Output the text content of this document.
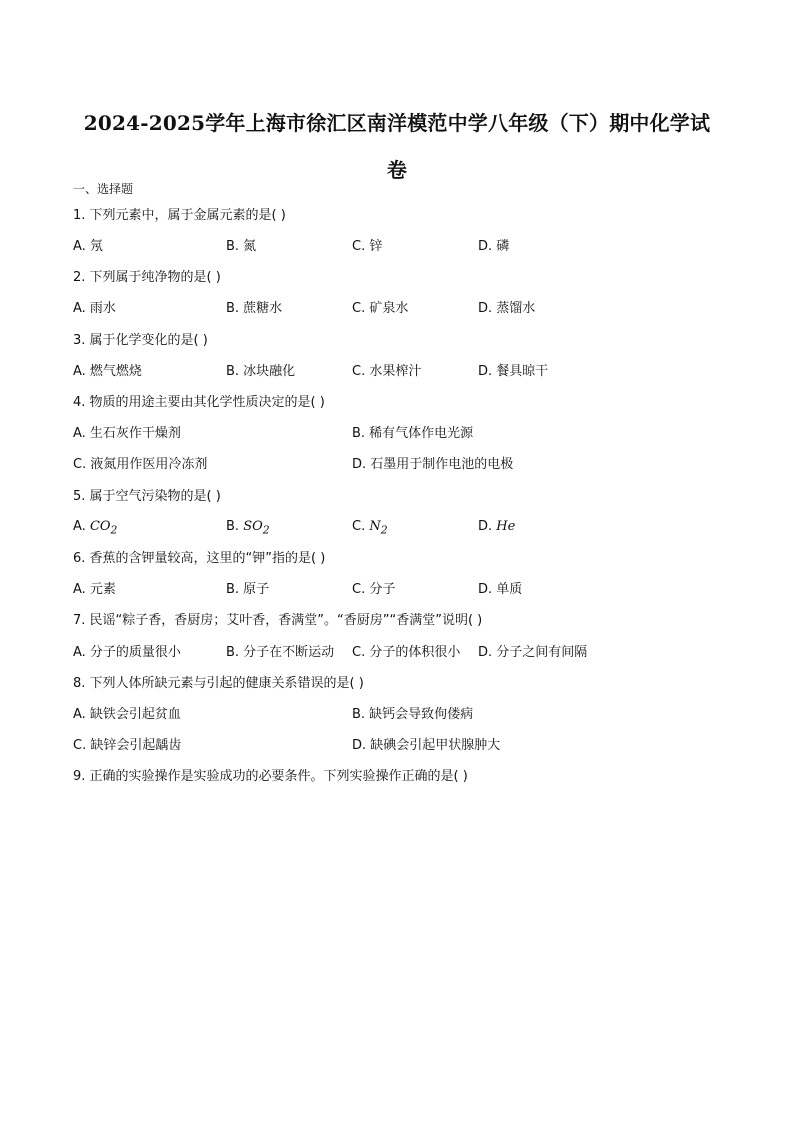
2024-2025学年上海市徐汇区南洋模范中学八年级（下）期中化学试
卷
一、选择题
1. 下列元素中，属于金属元素的是( )
A. 氖	B. 氮	C. 锌	D. 磷
2. 下列属于纯净物的是( )
A. 雨水	B. 蔗糖水	C. 矿泉水	D. 蒸馏水
3. 属于化学变化的是( )
A. 燃气燃烧	B. 冰块融化	C. 水果榨汁	D. 餐具晾干
4. 物质的用途主要由其化学性质决定的是( )
A. 生石灰作干燥剂	B. 稀有气体作电光源
C. 液氮用作医用冷冻剂	D. 石墨用于制作电池的电极
5. 属于空气污染物的是( )
A. $CO_2$	B. $SO_2$	C. $N_2$	D. He
6. 香蕉的含钾量较高，这里的“钾”指的是( )
A. 元素	B. 原子	C. 分子	D. 单质
7. 民谣“粽子香，香厨房；艾叶香，香满堂”。“香厨房”“香满堂”说明( )
A. 分子的质量很小	B. 分子在不断运动 C. 分子的体积很小 D. 分子之间有间隔
8. 下列人体所缺元素与引起的健康关系错误的是( )
A. 缺铁会引起贫血	B. 缺钙会导致佝偻病
C. 缺锌会引起龋齿	D. 缺碘会引起甲状腺肿大
9. 正确的实验操作是实验成功的必要条件。下列实验操作正确的是( )
